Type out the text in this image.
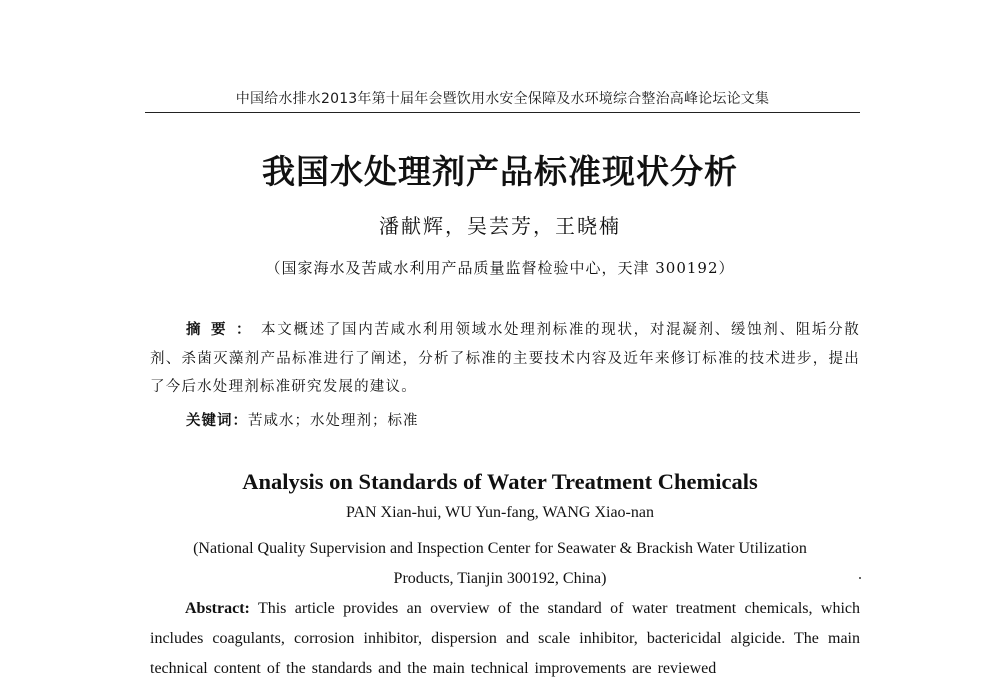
中国给水排水2013年第十届年会暨饮用水安全保障及水环境综合整治高峰论坛论文集
我国水处理剂产品标准现状分析
潘献辉，吴芸芳，王晓楠
（国家海水及苦咸水利用产品质量监督检验中心，天津 300192）
摘要：本文概述了国内苦咸水利用领域水处理剂标准的现状，对混凝剂、缓蚀剂、阻垢分散剂、杀菌灭藻剂产品标准进行了阐述，分析了标准的主要技术内容及近年来修订标准的技术进步，提出了今后水处理剂标准研究发展的建议。
关键词：苦咸水；水处理剂；标准
Analysis on Standards of Water Treatment Chemicals
PAN Xian-hui, WU Yun-fang, WANG Xiao-nan
(National Quality Supervision and Inspection Center for Seawater & Brackish Water Utilization
Products, Tianjin 300192, China)
Abstract: This article provides an overview of the standard of water treatment chemicals, which includes coagulants, corrosion inhibitor, dispersion and scale inhibitor, bactericidal algicide. The main technical content of the standards and the main technical improvements are reviewed
